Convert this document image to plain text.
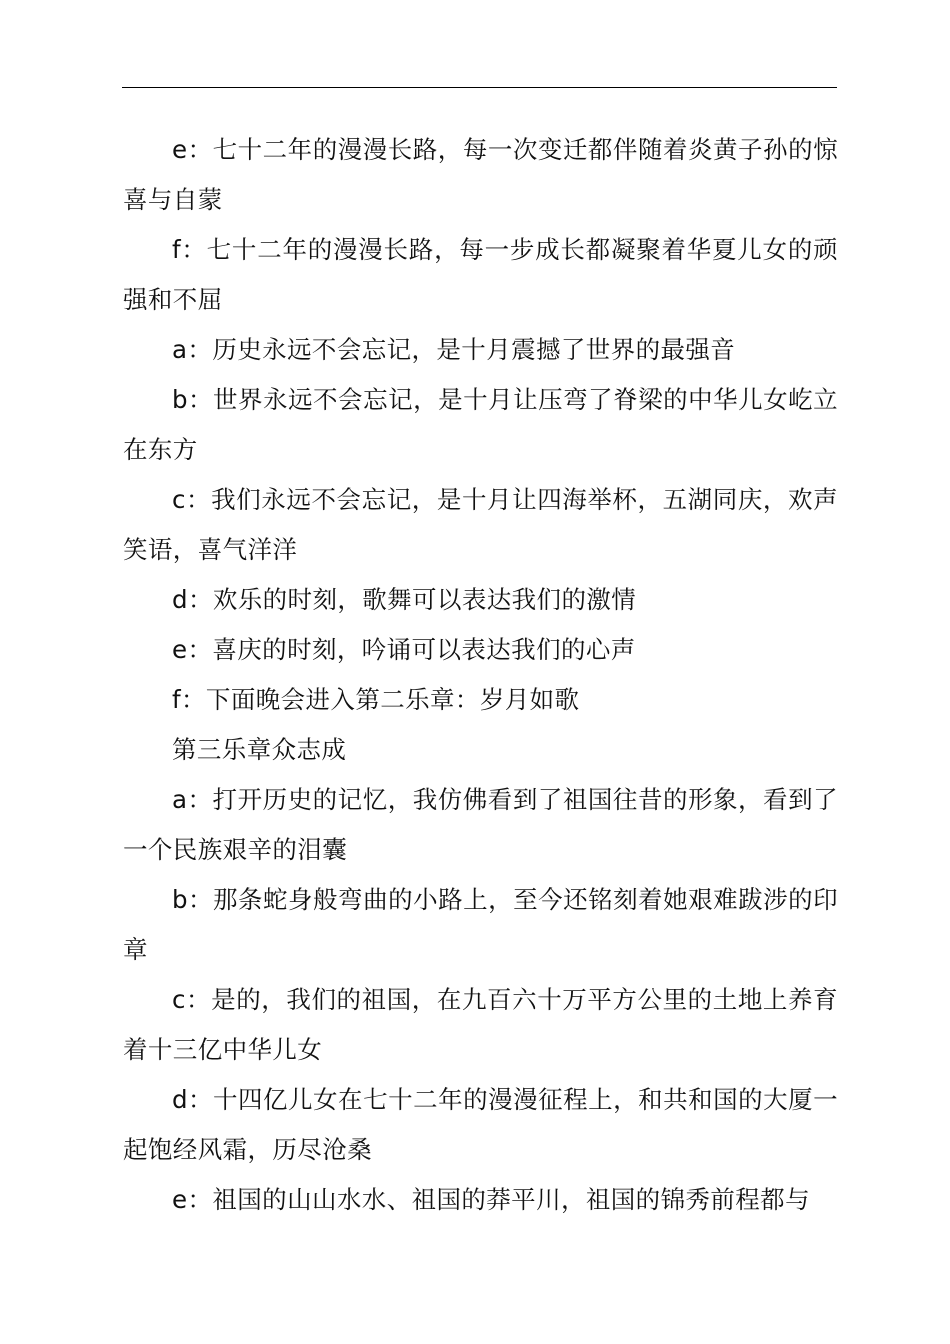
e：七十二年的漫漫长路，每一次变迁都伴随着炎黄子孙的惊喜与自蒙

f：七十二年的漫漫长路，每一步成长都凝聚着华夏儿女的顽强和不屈

a：历史永远不会忘记，是十月震撼了世界的最强音

b：世界永远不会忘记，是十月让压弯了脊梁的中华儿女屹立在东方

c：我们永远不会忘记，是十月让四海举杯，五湖同庆，欢声笑语，喜气洋洋

d：欢乐的时刻，歌舞可以表达我们的激情

e：喜庆的时刻，吟诵可以表达我们的心声

f：下面晚会进入第二乐章：岁月如歌

第三乐章众志成

a：打开历史的记忆，我仿佛看到了祖国往昔的形象，看到了一个民族艰辛的泪囊

b：那条蛇身般弯曲的小路上，至今还铭刻着她艰难跋涉的印章

c：是的，我们的祖国，在九百六十万平方公里的土地上养育着十三亿中华儿女

d：十四亿儿女在七十二年的漫漫征程上，和共和国的大厦一起饱经风霜，历尽沧桑

e：祖国的山山水水、祖国的莽平川，祖国的锦秀前程都与
